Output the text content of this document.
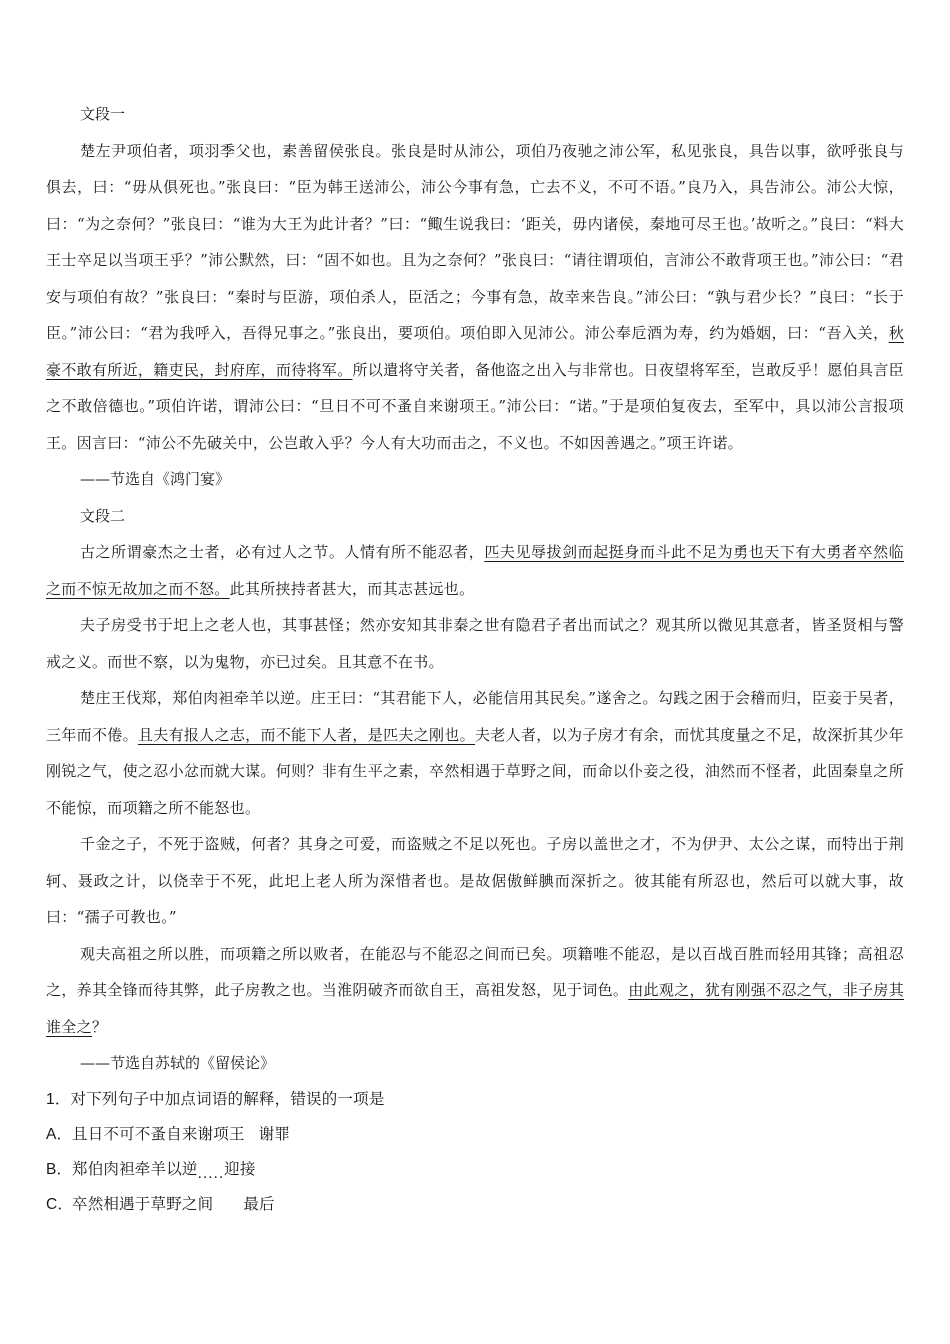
文段一

楚左尹项伯者，项羽季父也，素善留侯张良。张良是时从沛公，项伯乃夜驰之沛公军，私见张良，具告以事，欲呼张良与俱去，曰：“毋从俱死也。”张良曰：“臣为韩王送沛公，沛公今事有急，亡去不义，不可不语。”良乃入，具告沛公。沛公大惊，曰：“为之奈何？”张良曰：“谁为大王为此计者？”曰：“鲰生说我曰：‘距关，毋内诸侯，秦地可尽王也。’故听之。”良曰：“料大王士卒足以当项王乎？”沛公默然，曰：“固不如也。且为之奈何？”张良曰：“请往谓项伯，言沛公不敢背项王也。”沛公曰：“君安与项伯有故？”张良曰：“秦时与臣游，项伯杀人，臣活之；今事有急，故幸来告良。”沛公曰：“孰与君少长？”良曰：“长于臣。”沛公曰：“君为我呼入，吾得兄事之。”张良出，要项伯。项伯即入见沛公。沛公奉卮酒为寿，约为婚姻，曰：“吾入关，秋豪不敢有所近，籍吏民，封府库，而待将军。所以遣将守关者，备他盗之出入与非常也。日夜望将军至，岂敢反乎！愿伯具言臣之不敢倍德也。”项伯许诺，谓沛公曰：“旦日不可不蚤自来谢项王。”沛公曰：“诺。”于是项伯复夜去，至军中，具以沛公言报项王。因言曰：“沛公不先破关中，公岂敢入乎？今人有大功而击之，不义也。不如因善遇之。”项王许诺。

——节选自《鸿门宴》

文段二

古之所谓豪杰之士者，必有过人之节。人情有所不能忍者，匹夫见辱拔剑而起挺身而斗此不足为勇也天下有大勇者卒然临之而不惊无故加之而不怒。此其所挟持者甚大，而其志甚远也。

夫子房受书于圯上之老人也，其事甚怪；然亦安知其非秦之世有隐君子者出而试之？观其所以微见其意者，皆圣贤相与警戒之义。而世不察，以为鬼物，亦已过矣。且其意不在书。

楚庄王伐郑，郑伯肉袒牵羊以逆。庄王曰：“其君能下人，必能信用其民矣。”遂舍之。勾践之困于会稽而归，臣妾于吴者，三年而不倦。且夫有报人之志，而不能下人者，是匹夫之刚也。夫老人者，以为子房才有余，而忧其度量之不足，故深折其少年刚锐之气，使之忍小忿而就大谋。何则？非有生平之素，卒然相遇于草野之间，而命以仆妾之役，油然而不怪者，此固秦皇之所不能惊，而项籍之所不能怒也。

千金之子，不死于盗贼，何者？其身之可爱，而盗贼之不足以死也。子房以盖世之才，不为伊尹、太公之谋，而特出于荆轲、聂政之计，以侥幸于不死，此圯上老人所为深惜者也。是故倨傲鲜腆而深折之。彼其能有所忍也，然后可以就大事，故曰：“孺子可教也。”

观夫高祖之所以胜，而项籍之所以败者，在能忍与不能忍之间而已矣。项籍唯不能忍，是以百战百胜而轻用其锋；高祖忍之，养其全锋而待其弊，此子房教之也。当淮阴破齐而欲自王，高祖发怒，见于词色。由此观之，犹有刚强不忍之气，非子房其谁全之？

——节选自苏轼的《留侯论》

1．对下列句子中加点词语的解释，错误的一项是

A．且日不可不蚤自来谢项王 谢罪

B．郑伯肉袒牵羊以逆.....迎接

C．卒然相遇于草野之间 最后
